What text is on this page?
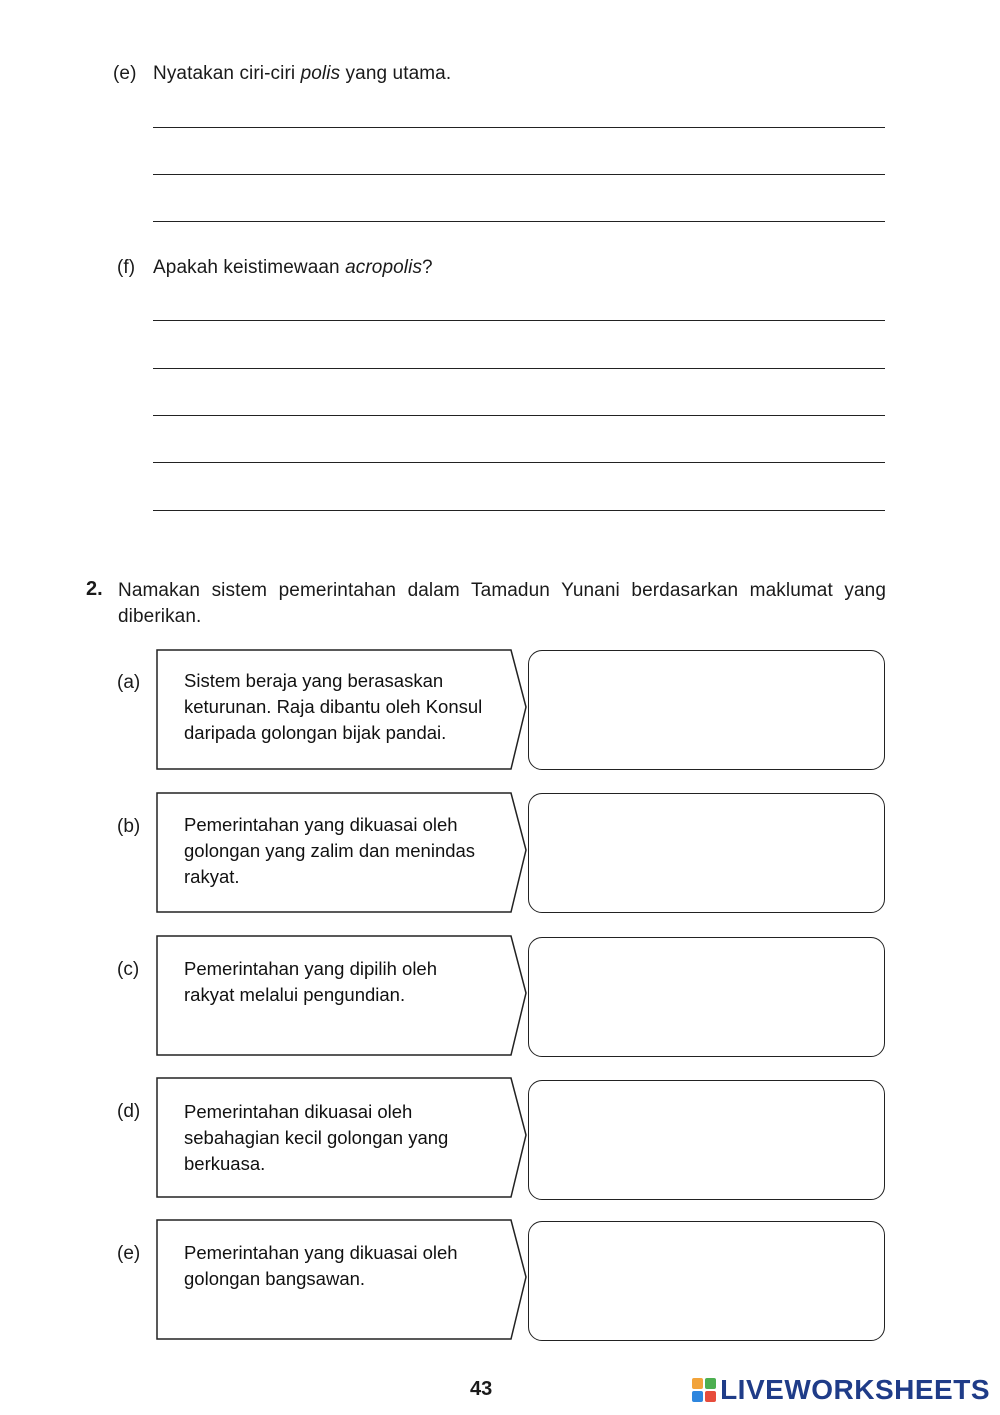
(e) Nyatakan ciri-ciri polis yang utama.
(f) Apakah keistimewaan acropolis?
2. Namakan sistem pemerintahan dalam Tamadun Yunani berdasarkan maklumat yang
diberikan.
(a) Sistem beraja yang berasaskan
keturunan. Raja dibantu oleh Konsul
daripada golongan bijak pandai.
(b) Pemerintahan yang dikuasai oleh
golongan yang zalim dan menindas
rakyat.
(c) Pemerintahan yang dipilih oleh
rakyat melalui pengundian.
(d) Pemerintahan dikuasai oleh
sebahagian kecil golongan yang
berkuasa.
(e) Pemerintahan yang dikuasai oleh
golongan bangsawan.
43	LIVEWORKSHEETS
